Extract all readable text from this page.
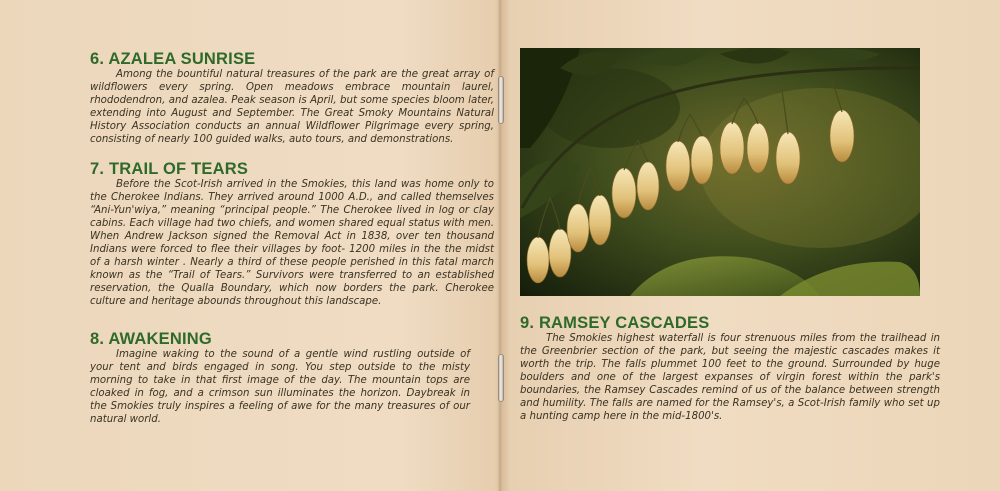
6. AZALEA SUNRISE

Among the bountiful natural treasures of the park are the great array of wildflowers every spring. Open meadows embrace mountain laurel, rhododendron, and azalea. Peak season is April, but some species bloom later, extending into August and September. The Great Smoky Mountains Natural History Association conducts an annual Wildflower Pilgrimage every spring, consisting of nearly 100 guided walks, auto tours, and demonstrations.

7. TRAIL OF TEARS

Before the Scot-Irish arrived in the Smokies, this land was home only to the Cherokee Indians. They arrived around 1000 A.D., and called themselves “Ani-Yun'wiya,” meaning “principal people.” The Cherokee lived in log or clay cabins. Each village had two chiefs, and women shared equal status with men. When Andrew Jackson signed the Removal Act in 1838, over ten thousand Indians were forced to flee their villages by foot- 1200 miles in the the midst of a harsh winter . Nearly a third of these people perished in this fatal march known as the “Trail of Tears.” Survivors were transferred to an established reservation, the Qualla Boundary, which now borders the park. Cherokee culture and heritage abounds throughout this landscape.

8. AWAKENING

Imagine waking to the sound of a gentle wind rustling outside of your tent and birds engaged in song. You step outside to the misty morning to take in that first image of the day. The mountain tops are cloaked in fog, and a crimson sun illuminates the horizon. Daybreak in the Smokies truly inspires a feeling of awe for the many treasures of our natural world.

9. RAMSEY CASCADES

The Smokies highest waterfall is four strenuous miles from the trailhead in the Greenbrier section of the park, but seeing the majestic cascades makes it worth the trip. The falls plummet 100 feet to the ground. Surrounded by huge boulders and one of the largest expanses of virgin forest within the park's boundaries, the Ramsey Cascades remind of us of the balance between strength and humility. The falls are named for the Ramsey's, a Scot-Irish family who set up a hunting camp here in the mid-1800's.
